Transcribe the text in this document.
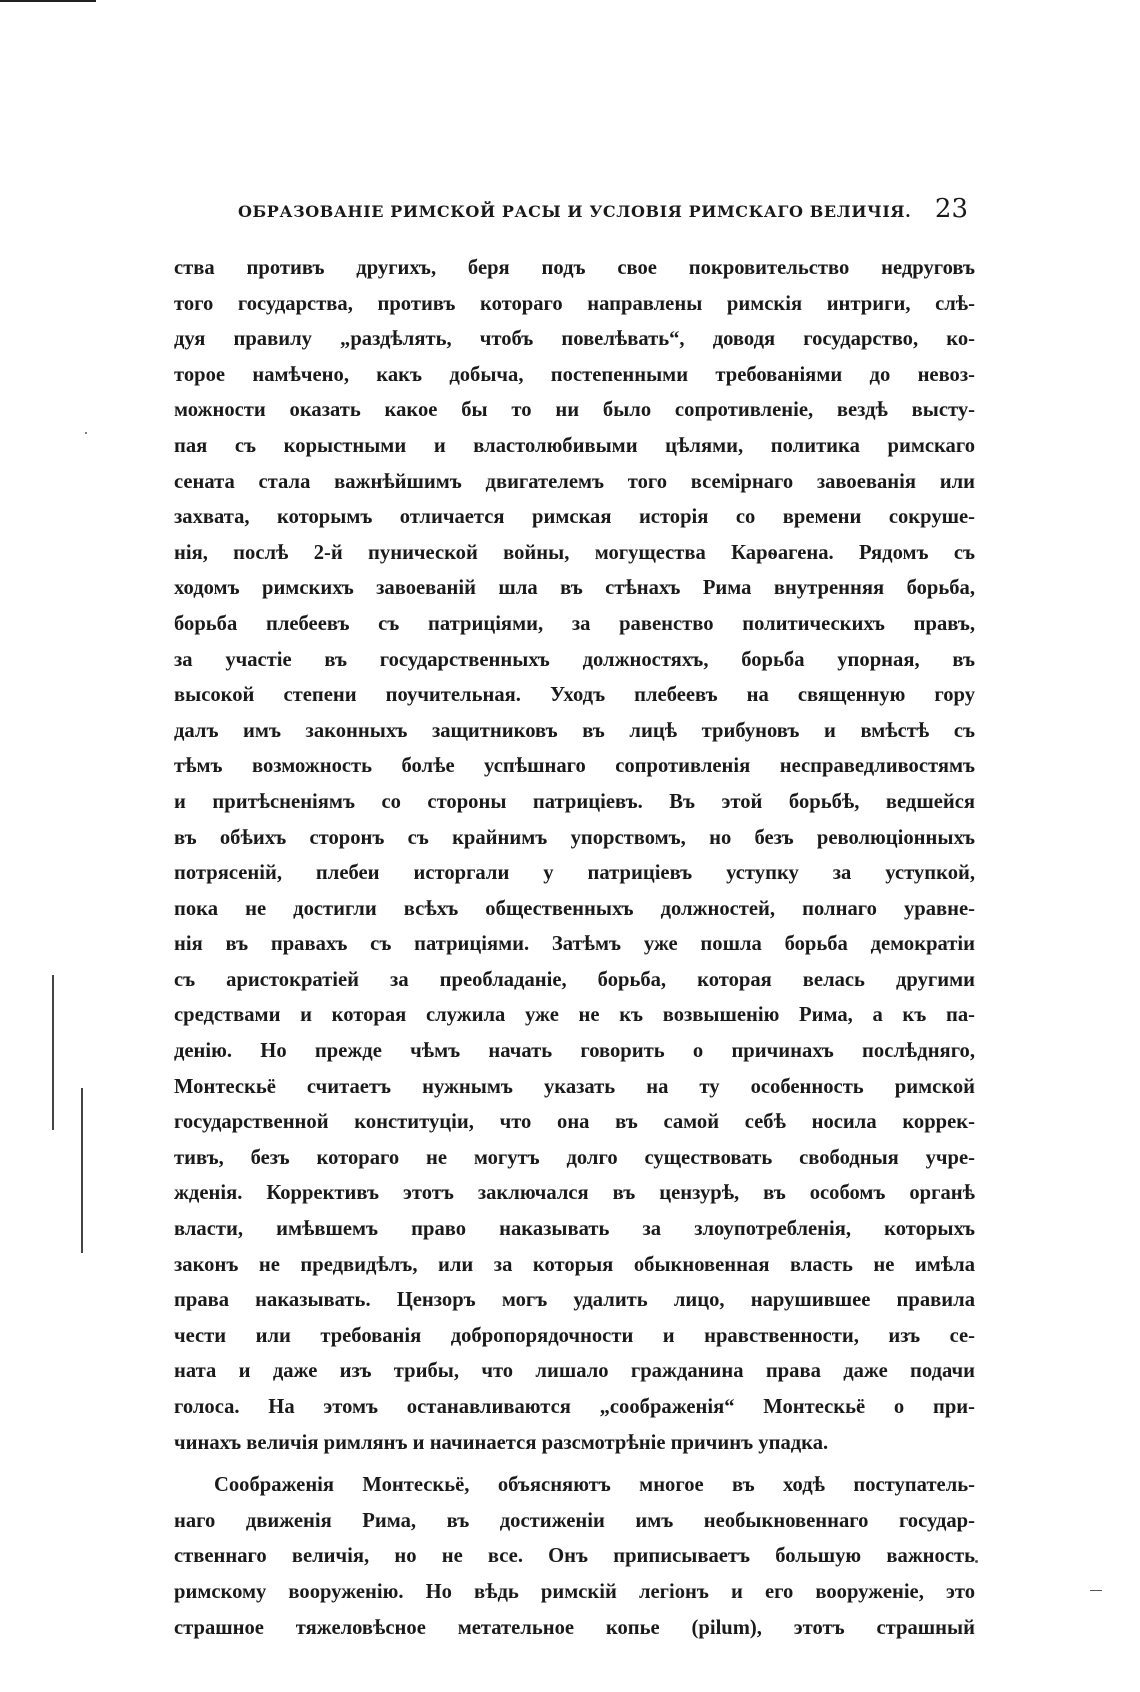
ОБРАЗОВАНІЕ РИМСКОЙ РАСЫ И УСЛОВІЯ РИМСКАГО ВЕЛИЧІЯ. 23
ства противъ другихъ, беря подъ свое покровительство недруговъ
того государства, противъ котораго направлены римскія интриги, слѣ-
дуя правилу „раздѣлять, чтобъ повелѣвать“, доводя государство, ко-
торое намѣчено, какъ добыча, постепенными требованіями до невоз-
можности оказать какое бы то ни было сопротивленіе, вездѣ высту-
пая съ корыстными и властолюбивыми цѣлями, политика римскаго
сената стала важнѣйшимъ двигателемъ того всемірнаго завоеванія или
захвата, которымъ отличается римская исторія со времени сокруше-
нія, послѣ 2-й пунической войны, могущества Карѳагена. Рядомъ съ
ходомъ римскихъ завоеваній шла въ стѣнахъ Рима внутренняя борьба,
борьба плебеевъ съ патриціями, за равенство политическихъ правъ,
за участіе въ государственныхъ должностяхъ, борьба упорная, въ
высокой степени поучительная. Уходъ плебеевъ на священную гору
далъ имъ законныхъ защитниковъ въ лицѣ трибуновъ и вмѣстѣ съ
тѣмъ возможность болѣе успѣшнаго сопротивленія несправедливостямъ
и притѣсненіямъ со стороны патриціевъ. Въ этой борьбѣ, ведшейся
въ обѣихъ сторонъ съ крайнимъ упорствомъ, но безъ революціонныхъ
потрясеній, плебеи исторгали у патриціевъ уступку за уступкой,
пока не достигли всѣхъ общественныхъ должностей, полнаго уравне-
нія въ правахъ съ патриціями. Затѣмъ уже пошла борьба демократіи
съ аристократіей за преобладаніе, борьба, которая велась другими
средствами и которая служила уже не къ возвышенію Рима, а къ па-
денію. Но прежде чѣмъ начать говорить о причинахъ послѣдняго,
Монтескьё считаетъ нужнымъ указать на ту особенность римской
государственной конституціи, что она въ самой себѣ носила коррек-
тивъ, безъ котораго не могутъ долго существовать свободныя учре-
жденія. Коррективъ этотъ заключался въ цензурѣ, въ особомъ органѣ
власти, имѣвшемъ право наказывать за злоупотребленія, которыхъ
законъ не предвидѣлъ, или за которыя обыкновенная власть не имѣла
права наказывать. Цензоръ могъ удалить лицо, нарушившее правила
чести или требованія добропорядочности и нравственности, изъ се-
ната и даже изъ трибы, что лишало гражданина права даже подачи
голоса. На этомъ останавливаются „соображенія“ Монтескьё о при-
чинахъ величія римлянъ и начинается разсмотрѣніе причинъ упадка.
Соображенія Монтескьё, объясняютъ многое въ ходѣ поступатель-
наго движенія Рима, въ достиженіи имъ необыкновеннаго государ-
ственнаго величія, но не все. Онъ приписываетъ большую важность
римскому вооруженію. Но вѣдь римскій легіонъ и его вооруженіе, это
страшное тяжеловѣсное метательное копье (pilum), этотъ страшный
